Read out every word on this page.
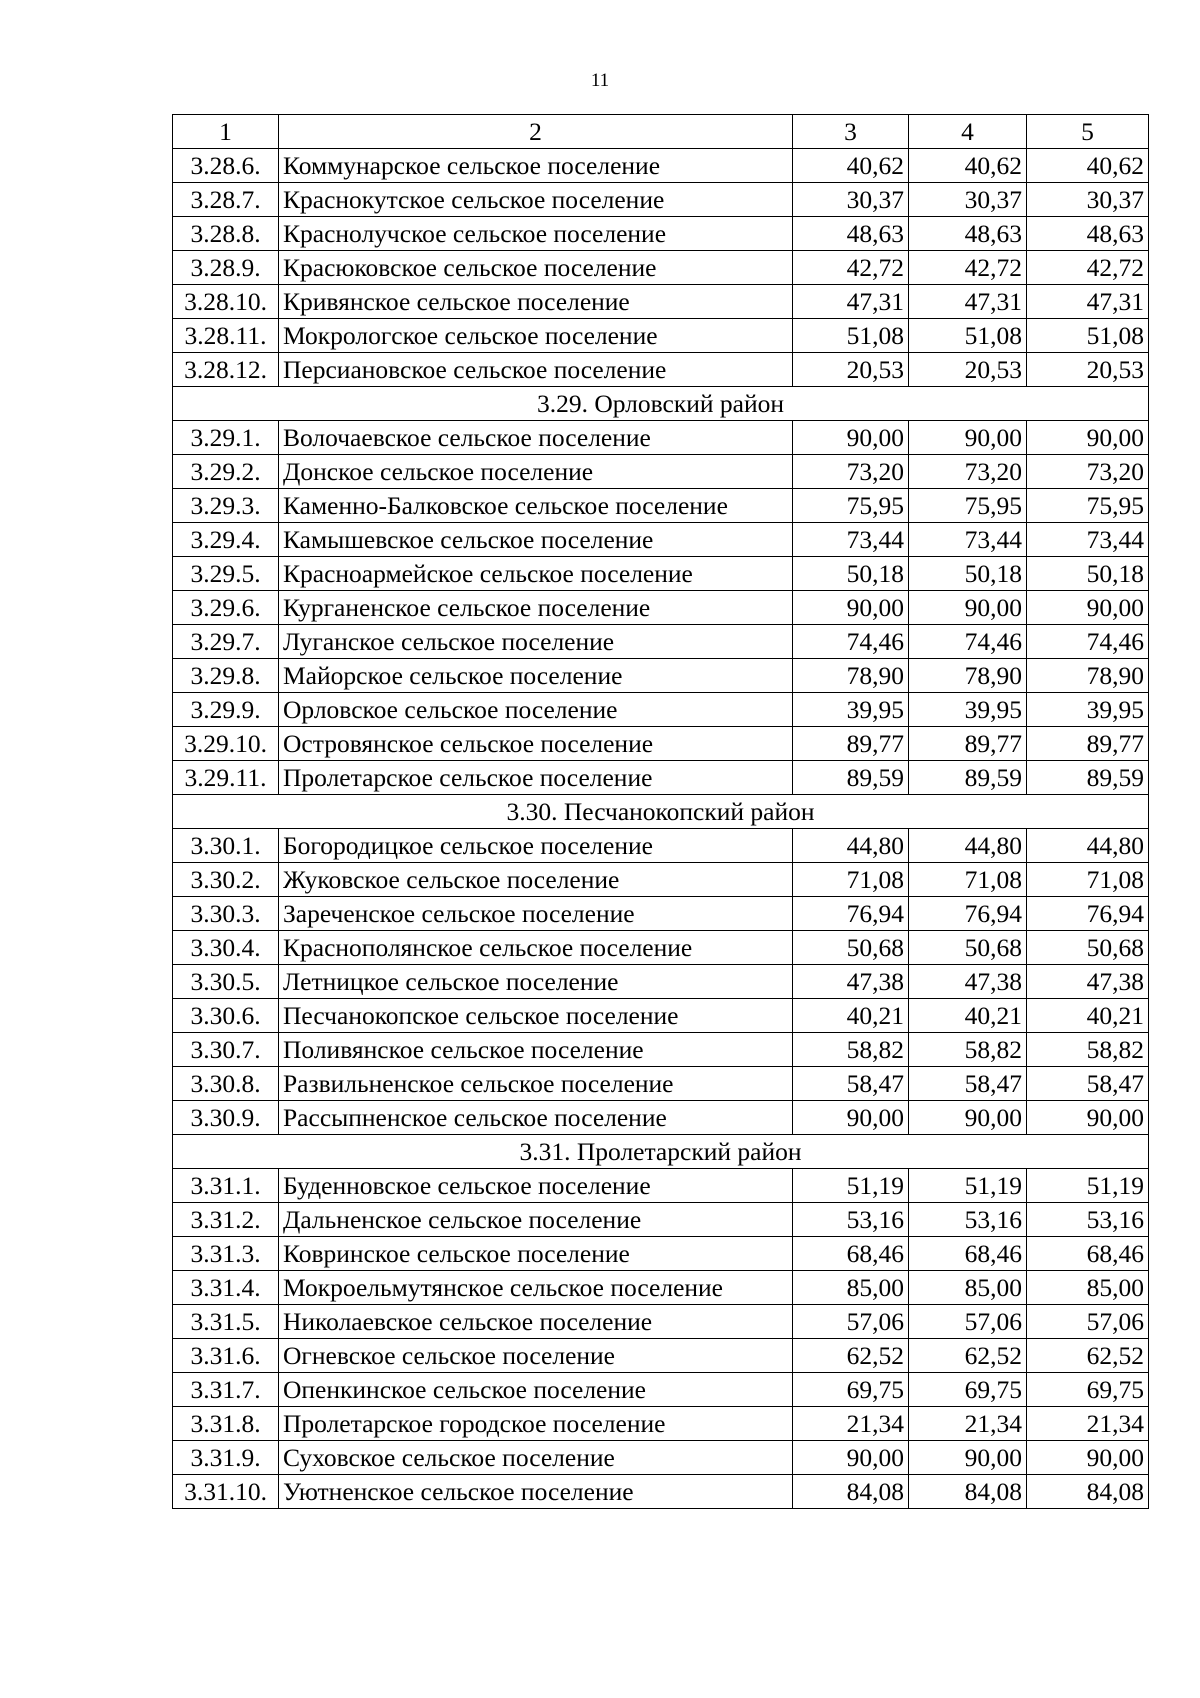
11
1	2	3	4	5
3.28.6.	Коммунарское сельское поселение	40,62	40,62	40,62
3.28.7.	Краснокутское сельское поселение	30,37	30,37	30,37
3.28.8.	Краснолучское сельское поселение	48,63	48,63	48,63
3.28.9.	Красюковское сельское поселение	42,72	42,72	42,72
3.28.10.	Кривянское сельское поселение	47,31	47,31	47,31
3.28.11.	Мокрологское сельское поселение	51,08	51,08	51,08
3.28.12.	Персиановское сельское поселение	20,53	20,53	20,53
3.29. Орловский район				
3.29.1.	Волочаевское сельское поселение	90,00	90,00	90,00
3.29.2.	Донское сельское поселение	73,20	73,20	73,20
3.29.3.	Каменно-Балковское сельское поселение	75,95	75,95	75,95
3.29.4.	Камышевское сельское поселение	73,44	73,44	73,44
3.29.5.	Красноармейское сельское поселение	50,18	50,18	50,18
3.29.6.	Курганенское сельское поселение	90,00	90,00	90,00
3.29.7.	Луганское сельское поселение	74,46	74,46	74,46
3.29.8.	Майорское сельское поселение	78,90	78,90	78,90
3.29.9.	Орловское сельское поселение	39,95	39,95	39,95
3.29.10.	Островянское сельское поселение	89,77	89,77	89,77
3.29.11.	Пролетарское сельское поселение	89,59	89,59	89,59
3.30. Песчанокопский район				
3.30.1.	Богородицкое сельское поселение	44,80	44,80	44,80
3.30.2.	Жуковское сельское поселение	71,08	71,08	71,08
3.30.3.	Зареченское сельское поселение	76,94	76,94	76,94
3.30.4.	Краснополянское сельское поселение	50,68	50,68	50,68
3.30.5.	Летницкое сельское поселение	47,38	47,38	47,38
3.30.6.	Песчанокопское сельское поселение	40,21	40,21	40,21
3.30.7.	Поливянское сельское поселение	58,82	58,82	58,82
3.30.8.	Развильненское сельское поселение	58,47	58,47	58,47
3.30.9.	Рассыпненское сельское поселение	90,00	90,00	90,00
3.31. Пролетарский район				
3.31.1.	Буденновское сельское поселение	51,19	51,19	51,19
3.31.2.	Дальненское сельское поселение	53,16	53,16	53,16
3.31.3.	Ковринское сельское поселение	68,46	68,46	68,46
3.31.4.	Мокроельмутянское сельское поселение	85,00	85,00	85,00
3.31.5.	Николаевское сельское поселение	57,06	57,06	57,06
3.31.6.	Огневское сельское поселение	62,52	62,52	62,52
3.31.7.	Опенкинское сельское поселение	69,75	69,75	69,75
3.31.8.	Пролетарское городское поселение	21,34	21,34	21,34
3.31.9.	Суховское сельское поселение	90,00	90,00	90,00
3.31.10.	Уютненское сельское поселение	84,08	84,08	84,08
